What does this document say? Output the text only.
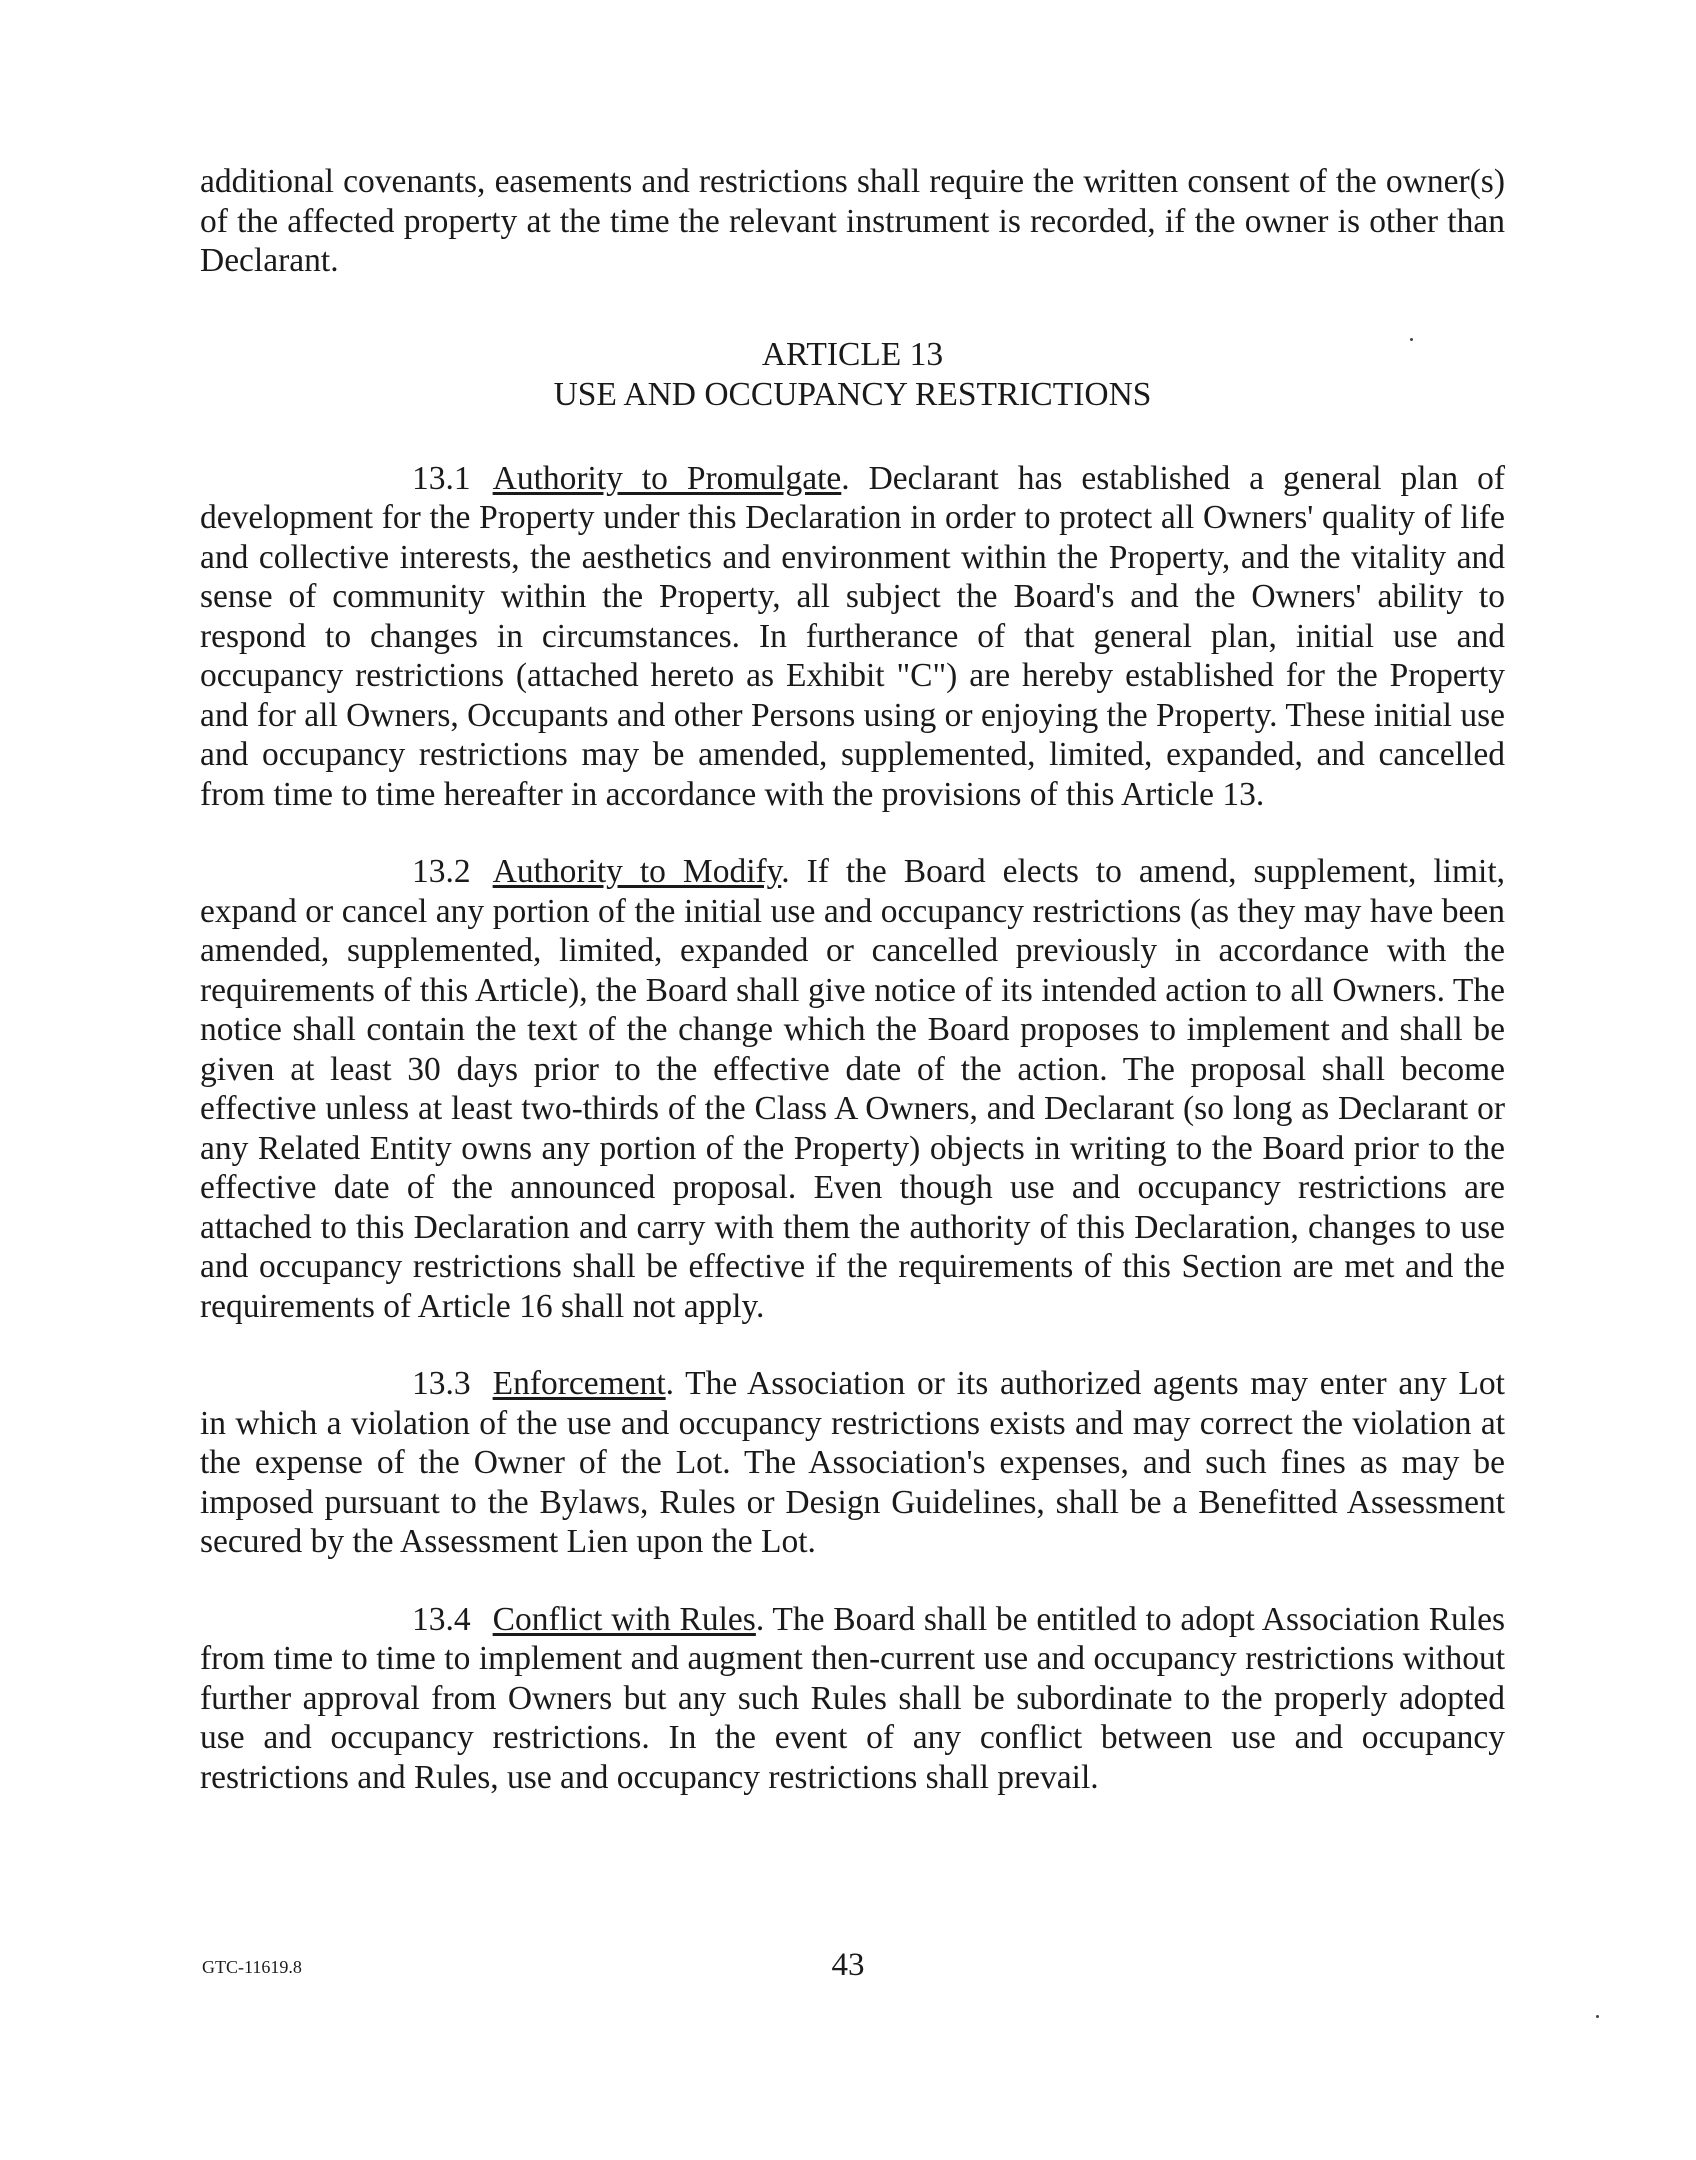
additional covenants, easements and restrictions shall require the written consent of the owner(s) of the affected property at the time the relevant instrument is recorded, if the owner is other than Declarant.

ARTICLE 13
USE AND OCCUPANCY RESTRICTIONS

13.1 Authority to Promulgate. Declarant has established a general plan of development for the Property under this Declaration in order to protect all Owners' quality of life and collective interests, the aesthetics and environment within the Property, and the vitality and sense of community within the Property, all subject the Board's and the Owners' ability to respond to changes in circumstances. In furtherance of that general plan, initial use and occupancy restrictions (attached hereto as Exhibit "C") are hereby established for the Property and for all Owners, Occupants and other Persons using or enjoying the Property. These initial use and occupancy restrictions may be amended, supplemented, limited, expanded, and cancelled from time to time hereafter in accordance with the provisions of this Article 13.

13.2 Authority to Modify. If the Board elects to amend, supplement, limit, expand or cancel any portion of the initial use and occupancy restrictions (as they may have been amended, supplemented, limited, expanded or cancelled previously in accordance with the requirements of this Article), the Board shall give notice of its intended action to all Owners. The notice shall contain the text of the change which the Board proposes to implement and shall be given at least 30 days prior to the effective date of the action. The proposal shall become effective unless at least two-thirds of the Class A Owners, and Declarant (so long as Declarant or any Related Entity owns any portion of the Property) objects in writing to the Board prior to the effective date of the announced proposal. Even though use and occupancy restrictions are attached to this Declaration and carry with them the authority of this Declaration, changes to use and occupancy restrictions shall be effective if the requirements of this Section are met and the requirements of Article 16 shall not apply.

13.3 Enforcement. The Association or its authorized agents may enter any Lot in which a violation of the use and occupancy restrictions exists and may correct the violation at the expense of the Owner of the Lot. The Association's expenses, and such fines as may be imposed pursuant to the Bylaws, Rules or Design Guidelines, shall be a Benefitted Assessment secured by the Assessment Lien upon the Lot.

13.4 Conflict with Rules. The Board shall be entitled to adopt Association Rules from time to time to implement and augment then-current use and occupancy restrictions without further approval from Owners but any such Rules shall be subordinate to the properly adopted use and occupancy restrictions. In the event of any conflict between use and occupancy restrictions and Rules, use and occupancy restrictions shall prevail.

GTC-11619.8	43
